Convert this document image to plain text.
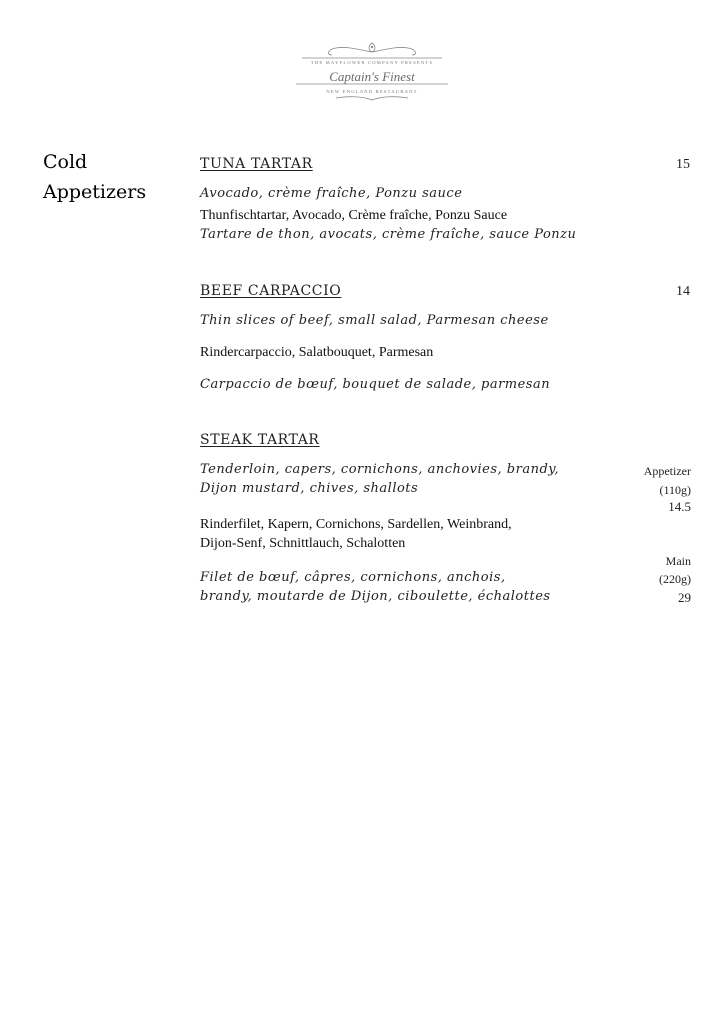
THE MAYFLOWER COMPANY PRESENTS
Captain's Finest
NEW ENGLAND RESTAURANT
Cold
Appetizers
TUNA TARTAR	15
Avocado, crème fraîche, Ponzu sauce
Thunfischtartar, Avocado, Crème fraîche, Ponzu Sauce
Tartare de thon, avocats, crème fraîche, sauce Ponzu
BEEF CARPACCIO	14
Thin slices of beef, small salad, Parmesan cheese
Rindercarpaccio, Salatbouquet, Parmesan
Carpaccio de bœuf, bouquet de salade, parmesan
STEAK TARTAR
Tenderloin, capers, cornichons, anchovies, brandy,
Dijon mustard, chives, shallots
Rinderfilet, Kapern, Cornichons, Sardellen, Weinbrand,
Dijon-Senf, Schnittlauch, Schalotten
Filet de bœuf, câpres, cornichons, anchois,
brandy, moutarde de Dijon, ciboulette, échalottes
Appetizer
(110g)
14.5
Main
(220g)
29
